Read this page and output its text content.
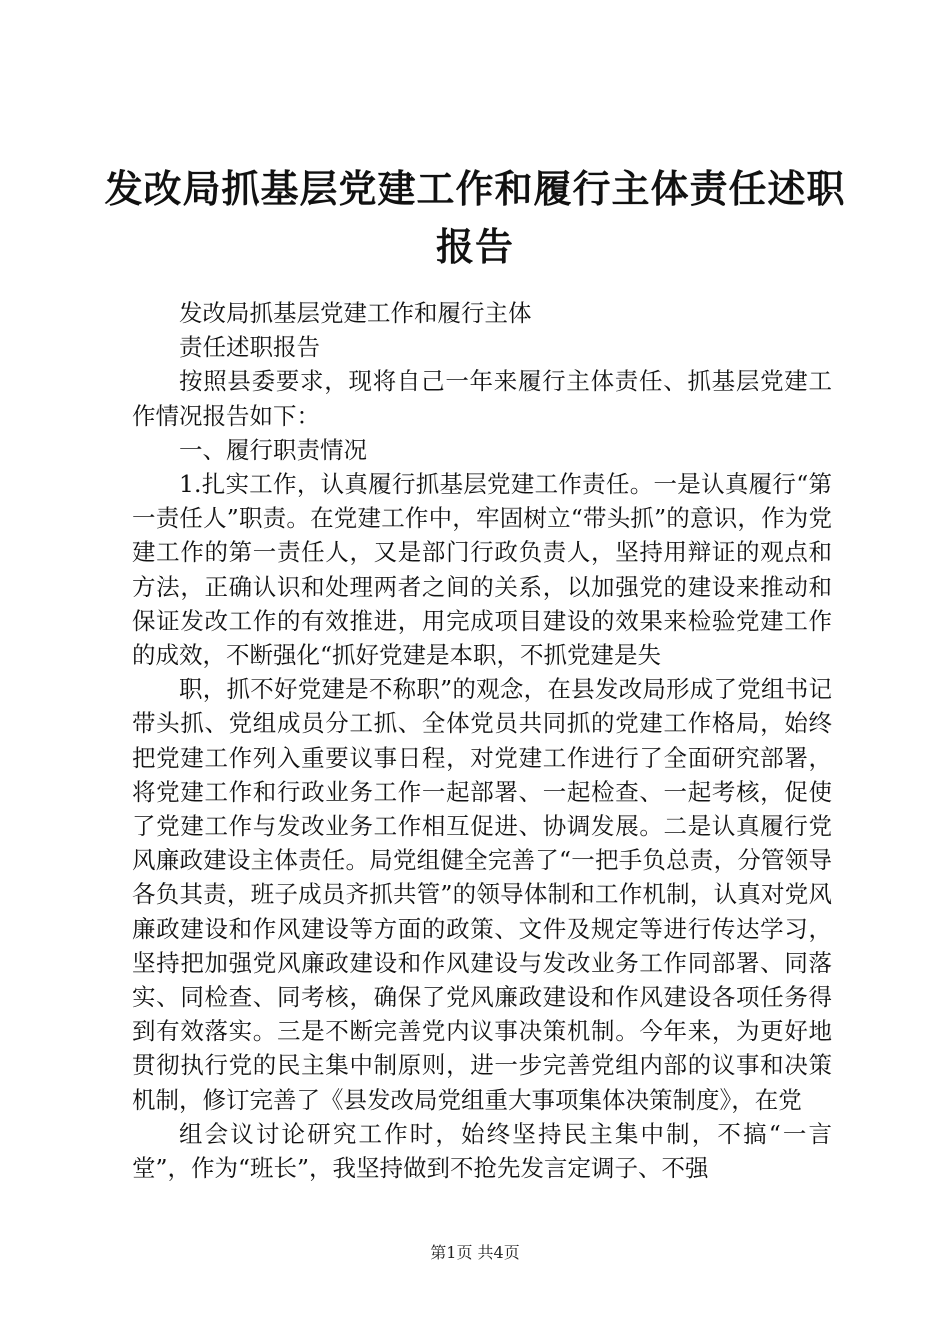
发改局抓基层党建工作和履行主体责任述职报告

发改局抓基层党建工作和履行主体

责任述职报告

按照县委要求，现将自己一年来履行主体责任、抓基层党建工作情况报告如下：

一、履行职责情况

1.扎实工作，认真履行抓基层党建工作责任。一是认真履行“第一责任人”职责。在党建工作中，牢固树立“带头抓”的意识，作为党建工作的第一责任人，又是部门行政负责人，坚持用辩证的观点和方法，正确认识和处理两者之间的关系，以加强党的建设来推动和保证发改工作的有效推进，用完成项目建设的效果来检验党建工作的成效，不断强化“抓好党建是本职，不抓党建是失

职，抓不好党建是不称职”的观念，在县发改局形成了党组书记带头抓、党组成员分工抓、全体党员共同抓的党建工作格局，始终把党建工作列入重要议事日程，对党建工作进行了全面研究部署，将党建工作和行政业务工作一起部署、一起检查、一起考核，促使了党建工作与发改业务工作相互促进、协调发展。二是认真履行党风廉政建设主体责任。局党组健全完善了“一把手负总责，分管领导各负其责，班子成员齐抓共管”的领导体制和工作机制，认真对党风廉政建设和作风建设等方面的政策、文件及规定等进行传达学习，坚持把加强党风廉政建设和作风建设与发改业务工作同部署、同落实、同检查、同考核，确保了党风廉政建设和作风建设各项任务得到有效落实。三是不断完善党内议事决策机制。今年来，为更好地贯彻执行党的民主集中制原则，进一步完善党组内部的议事和决策机制，修订完善了《县发改局党组重大事项集体决策制度》，在党

组会议讨论研究工作时，始终坚持民主集中制，不搞“一言堂”，作为“班长”，我坚持做到不抢先发言定调子、不强

第1页 共4页
